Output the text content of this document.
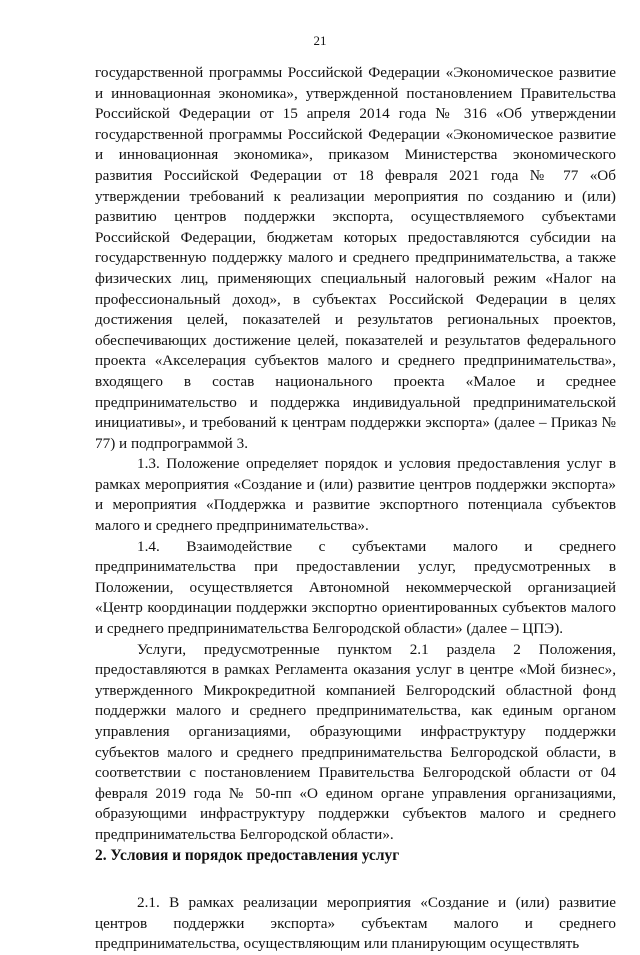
21

государственной программы Российской Федерации «Экономическое развитие и инновационная экономика», утвержденной постановлением Правительства Российской Федерации от 15 апреля 2014 года № 316 «Об утверждении государственной программы Российской Федерации «Экономическое развитие и инновационная экономика», приказом Министерства экономического развития Российской Федерации от 18 февраля 2021 года № 77 «Об утверждении требований к реализации мероприятия по созданию и (или) развитию центров поддержки экспорта, осуществляемого субъектами Российской Федерации, бюджетам которых предоставляются субсидии на государственную поддержку малого и среднего предпринимательства, а также физических лиц, применяющих специальный налоговый режим «Налог на профессиональный доход», в субъектах Российской Федерации в целях достижения целей, показателей и результатов региональных проектов, обеспечивающих достижение целей, показателей и результатов федерального проекта «Акселерация субъектов малого и среднего предпринимательства», входящего в состав национального проекта «Малое и среднее предпринимательство и поддержка индивидуальной предпринимательской инициативы», и требований к центрам поддержки экспорта» (далее – Приказ № 77) и подпрограммой 3.

1.3. Положение определяет порядок и условия предоставления услуг в рамках мероприятия «Создание и (или) развитие центров поддержки экспорта» и мероприятия «Поддержка и развитие экспортного потенциала субъектов малого и среднего предпринимательства».

1.4. Взаимодействие с субъектами малого и среднего предпринимательства при предоставлении услуг, предусмотренных в Положении, осуществляется Автономной некоммерческой организацией «Центр координации поддержки экспортно ориентированных субъектов малого и среднего предпринимательства Белгородской области» (далее – ЦПЭ).

Услуги, предусмотренные пунктом 2.1 раздела 2 Положения, предоставляются в рамках Регламента оказания услуг в центре «Мой бизнес», утвержденного Микрокредитной компанией Белгородский областной фонд поддержки малого и среднего предпринимательства, как единым органом управления организациями, образующими инфраструктуру поддержки субъектов малого и среднего предпринимательства Белгородской области, в соответствии с постановлением Правительства Белгородской области от 04 февраля 2019 года № 50-пп «О едином органе управления организациями, образующими инфраструктуру поддержки субъектов малого и среднего предпринимательства Белгородской области».

2. Условия и порядок предоставления услуг

2.1. В рамках реализации мероприятия «Создание и (или) развитие центров поддержки экспорта» субъектам малого и среднего предпринимательства, осуществляющим или планирующим осуществлять
